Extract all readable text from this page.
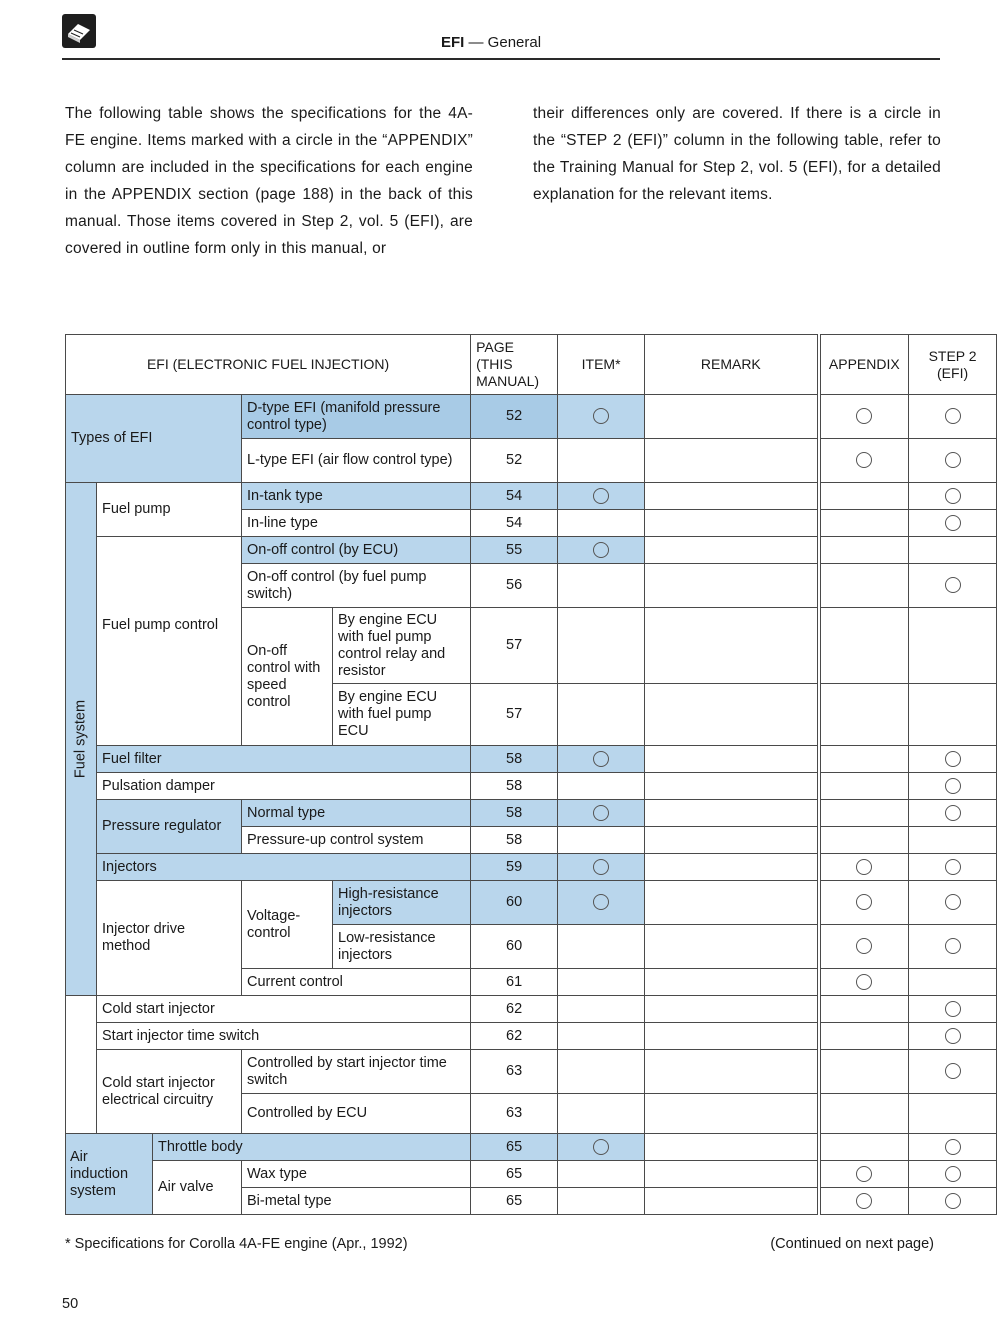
EFI — General

The following table shows the specifications for the 4A-FE engine. Items marked with a circle in the “APPENDIX” column are included in the specifications for each engine in the APPENDIX section (page 188) in the back of this manual. Those items covered in Step 2, vol. 5 (EFI), are covered in outline form only in this manual, or

their differences only are covered. If there is a circle in the “STEP 2 (EFI)” column in the following table, refer to the Training Manual for Step 2, vol. 5 (EFI), for a detailed explanation for the relevant items.

EFI (ELECTRONIC FUEL INJECTION)					PAGE (THIS MANUAL)	ITEM*	REMARK	APPENDIX	STEP 2 (EFI)
Types of EFI			D-type EFI (manifold pressure control type)		52				
			L-type EFI (air flow control type)		52				

Fuel system	Fuel pump		In-tank type		54				
			In-line type		54				
	Fuel pump control		On-off control (by ECU)		55				
			On-off control (by fuel pump switch)		56				
			On-off control with speed control	By engine ECU with fuel pump control relay and resistor	57				
				By engine ECU with fuel pump ECU	57				
	Fuel filter				58				
	Pulsation damper				58				
	Pressure regulator		Normal type		58				
			Pressure-up control system		58				
	Injectors				59				
	Injector drive method		Voltage-control	High-resistance injectors	60				
				Low-resistance injectors	60				
			Current control		61				
	Cold start injector				62				
	Start injector time switch				62				
	Cold start injector electrical circuitry		Controlled by start injector time switch		63				
			Controlled by ECU		63				
Air induction system		Throttle body			65				
		Air valve	Wax type		65				
			Bi-metal type		65				
* Specifications for Corolla 4A-FE engine (Apr., 1992)	(Continued on next page)
50
